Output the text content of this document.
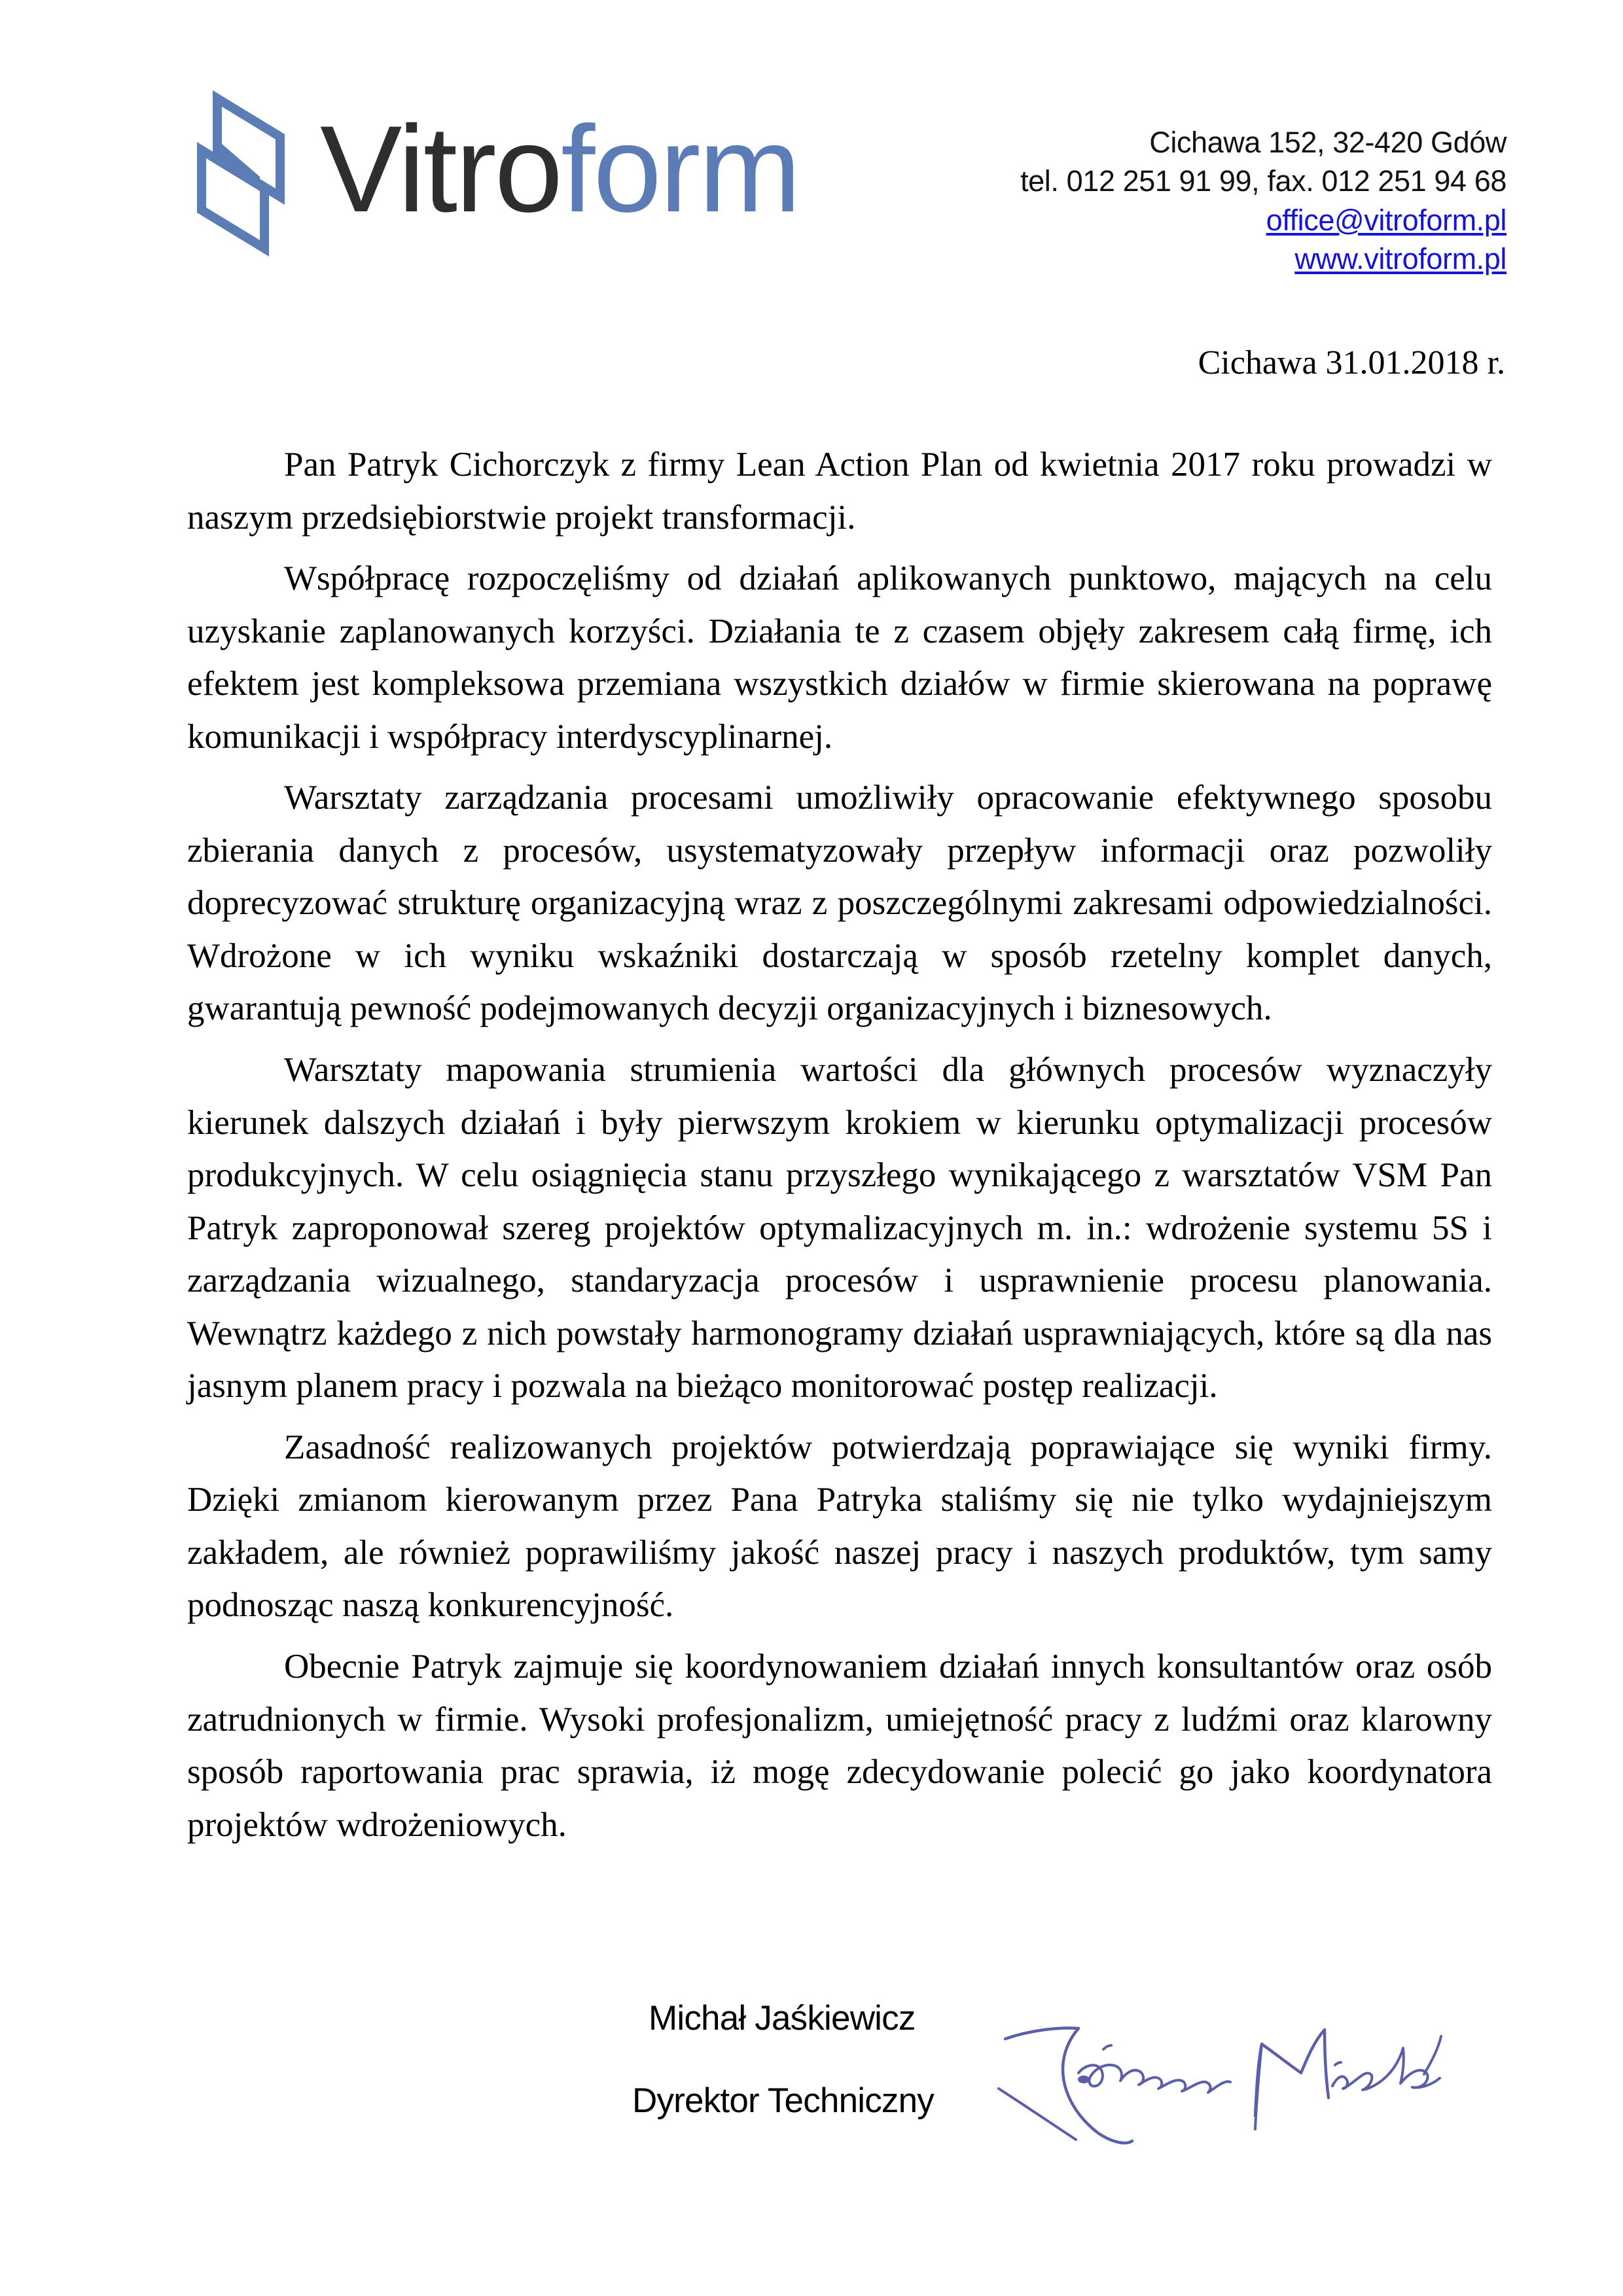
Vitroform	Cichawa 152, 32-420 Gdów
tel. 012 251 91 99, fax. 012 251 94 68
office@vitroform.pl
www.vitroform.pl
Cichawa 31.01.2018 r.

Pan Patryk Cichorczyk z firmy Lean Action Plan od kwietnia 2017 roku prowadzi w naszym przedsiębiorstwie projekt transformacji.

Współpracę rozpoczęliśmy od działań aplikowanych punktowo, mających na celu uzyskanie zaplanowanych korzyści. Działania te z czasem objęły zakresem całą firmę, ich efektem jest kompleksowa przemiana wszystkich działów w firmie skierowana na poprawę komunikacji i współpracy interdyscyplinarnej.

Warsztaty zarządzania procesami umożliwiły opracowanie efektywnego sposobu zbierania danych z procesów, usystematyzowały przepływ informacji oraz pozwoliły doprecyzować strukturę organizacyjną wraz z poszczególnymi zakresami odpowiedzialności. Wdrożone w ich wyniku wskaźniki dostarczają w sposób rzetelny komplet danych, gwarantują pewność podejmowanych decyzji organizacyjnych i biznesowych.

Warsztaty mapowania strumienia wartości dla głównych procesów wyznaczyły kierunek dalszych działań i były pierwszym krokiem w kierunku optymalizacji procesów produkcyjnych. W celu osiągnięcia stanu przyszłego wynikającego z warsztatów VSM Pan Patryk zaproponował szereg projektów optymalizacyjnych m. in.: wdrożenie systemu 5S i zarządzania wizualnego, standaryzacja procesów i usprawnienie procesu planowania. Wewnątrz każdego z nich powstały harmonogramy działań usprawniających, które są dla nas jasnym planem pracy i pozwala na bieżąco monitorować postęp realizacji.

Zasadność realizowanych projektów potwierdzają poprawiające się wyniki firmy. Dzięki zmianom kierowanym przez Pana Patryka staliśmy się nie tylko wydajniejszym zakładem, ale również poprawiliśmy jakość naszej pracy i naszych produktów, tym samy podnosząc naszą konkurencyjność.

Obecnie Patryk zajmuje się koordynowaniem działań innych konsultantów oraz osób zatrudnionych w firmie. Wysoki profesjonalizm, umiejętność pracy z ludźmi oraz klarowny sposób raportowania prac sprawia, iż mogę zdecydowanie polecić go jako koordynatora projektów wdrożeniowych.

Michał Jaśkiewicz
Dyrektor Techniczny
